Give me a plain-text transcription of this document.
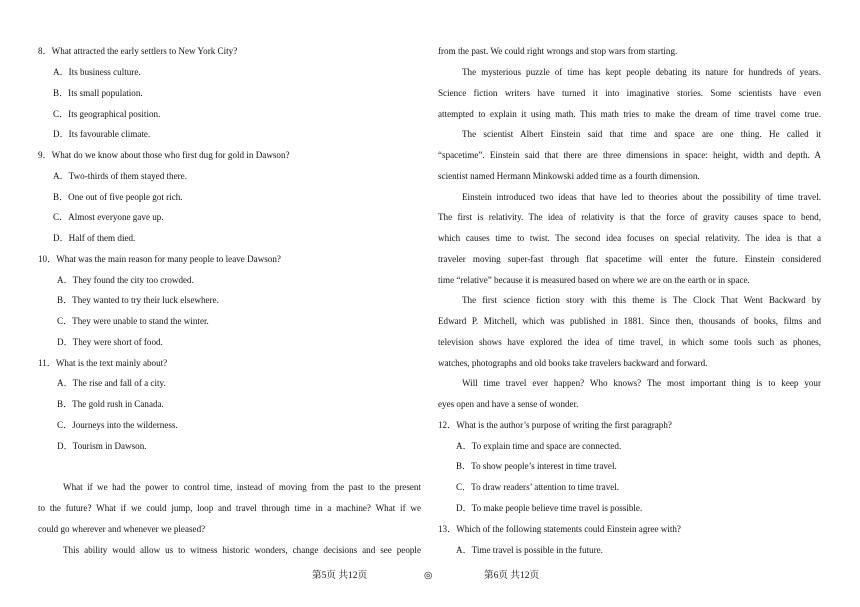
8．What attracted the early settlers to New York City?
A．Its business culture.
B．Its small population.
C．Its geographical position.
D．Its favourable climate.
9．What do we know about those who first dug for gold in Dawson?
A．Two-thirds of them stayed there.
B．One out of five people got rich.
C．Almost everyone gave up.
D．Half of them died.
10．What was the main reason for many people to leave Dawson?
A．They found the city too crowded.
B．They wanted to try their luck elsewhere.
C．They were unable to stand the winter.
D．They were short of food.
11．What is the text mainly about?
A．The rise and fall of a city.
B．The gold rush in Canada.
C．Journeys into the wilderness.
D．Tourism in Dawson.
What if we had the power to control time, instead of moving from the past to the present
to the future? What if we could jump, loop and travel through time in a machine? What if we
could go wherever and whenever we pleased?
This ability would allow us to witness historic wonders, change decisions and see people
from the past. We could right wrongs and stop wars from starting.
The mysterious puzzle of time has kept people debating its nature for hundreds of years.
Science fiction writers have turned it into imaginative stories. Some scientists have even
attempted to explain it using math. This math tries to make the dream of time travel come true.
The scientist Albert Einstein said that time and space are one thing. He called it
“spacetime”. Einstein said that there are three dimensions in space: height, width and depth. A
scientist named Hermann Minkowski added time as a fourth dimension.
Einstein introduced two ideas that have led to theories about the possibility of time travel.
The first is relativity. The idea of relativity is that the force of gravity causes space to bend,
which causes time to twist. The second idea focuses on special relativity. The idea is that a
traveler moving super-fast through flat spacetime will enter the future. Einstein considered
time “relative” because it is measured based on where we are on the earth or in space.
The first science fiction story with this theme is The Clock That Went Backward by
Edward P. Mitchell, which was published in 1881. Since then, thousands of books, films and
television shows have explored the idea of time travel, in which some tools such as phones,
watches, photographs and old books take travelers backward and forward.
Will time travel ever happen? Who knows? The most important thing is to keep your
eyes open and have a sense of wonder.
12．What is the author’s purpose of writing the first paragraph?
A．To explain time and space are connected.
B．To show people’s interest in time travel.
C．To draw readers’ attention to time travel.
D．To make people believe time travel is possible.
13．Which of the following statements could Einstein agree with?
A．Time travel is possible in the future.
第5页 共12页	◎	第6页 共12页
